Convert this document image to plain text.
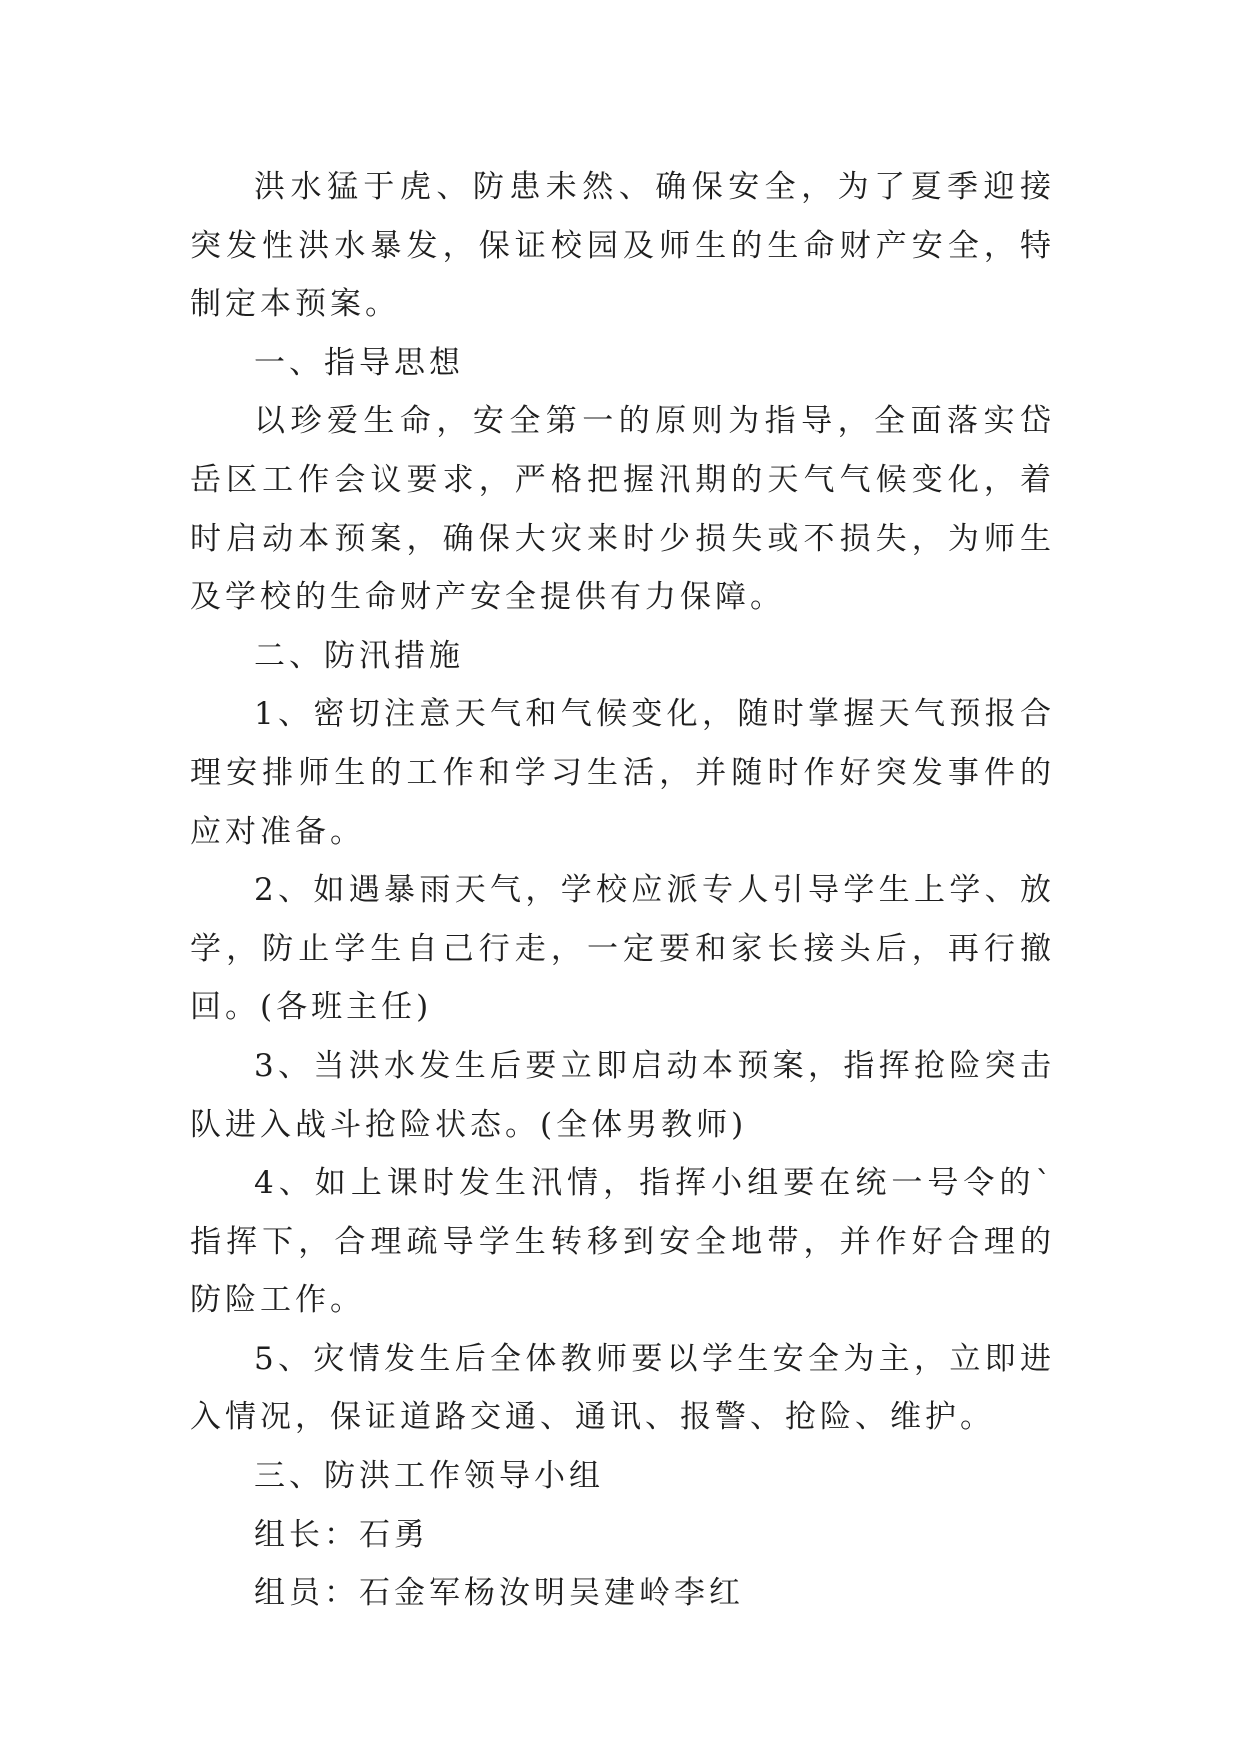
洪水猛于虎、防患未然、确保安全，为了夏季迎接突发性洪水暴发，保证校园及师生的生命财产安全，特制定本预案。

一、指导思想

以珍爱生命，安全第一的原则为指导，全面落实岱岳区工作会议要求，严格把握汛期的天气气候变化，着时启动本预案，确保大灾来时少损失或不损失，为师生及学校的生命财产安全提供有力保障。

二、防汛措施

1、密切注意天气和气候变化，随时掌握天气预报合理安排师生的工作和学习生活，并随时作好突发事件的应对准备。

2、如遇暴雨天气，学校应派专人引导学生上学、放学，防止学生自己行走，一定要和家长接头后，再行撤回。(各班主任)

3、当洪水发生后要立即启动本预案，指挥抢险突击队进入战斗抢险状态。(全体男教师)

4、如上课时发生汛情，指挥小组要在统一号令的`指挥下，合理疏导学生转移到安全地带，并作好合理的防险工作。

5、灾情发生后全体教师要以学生安全为主，立即进入情况，保证道路交通、通讯、报警、抢险、维护。

三、防洪工作领导小组

组长：石勇

组员：石金军杨汝明吴建岭李红
